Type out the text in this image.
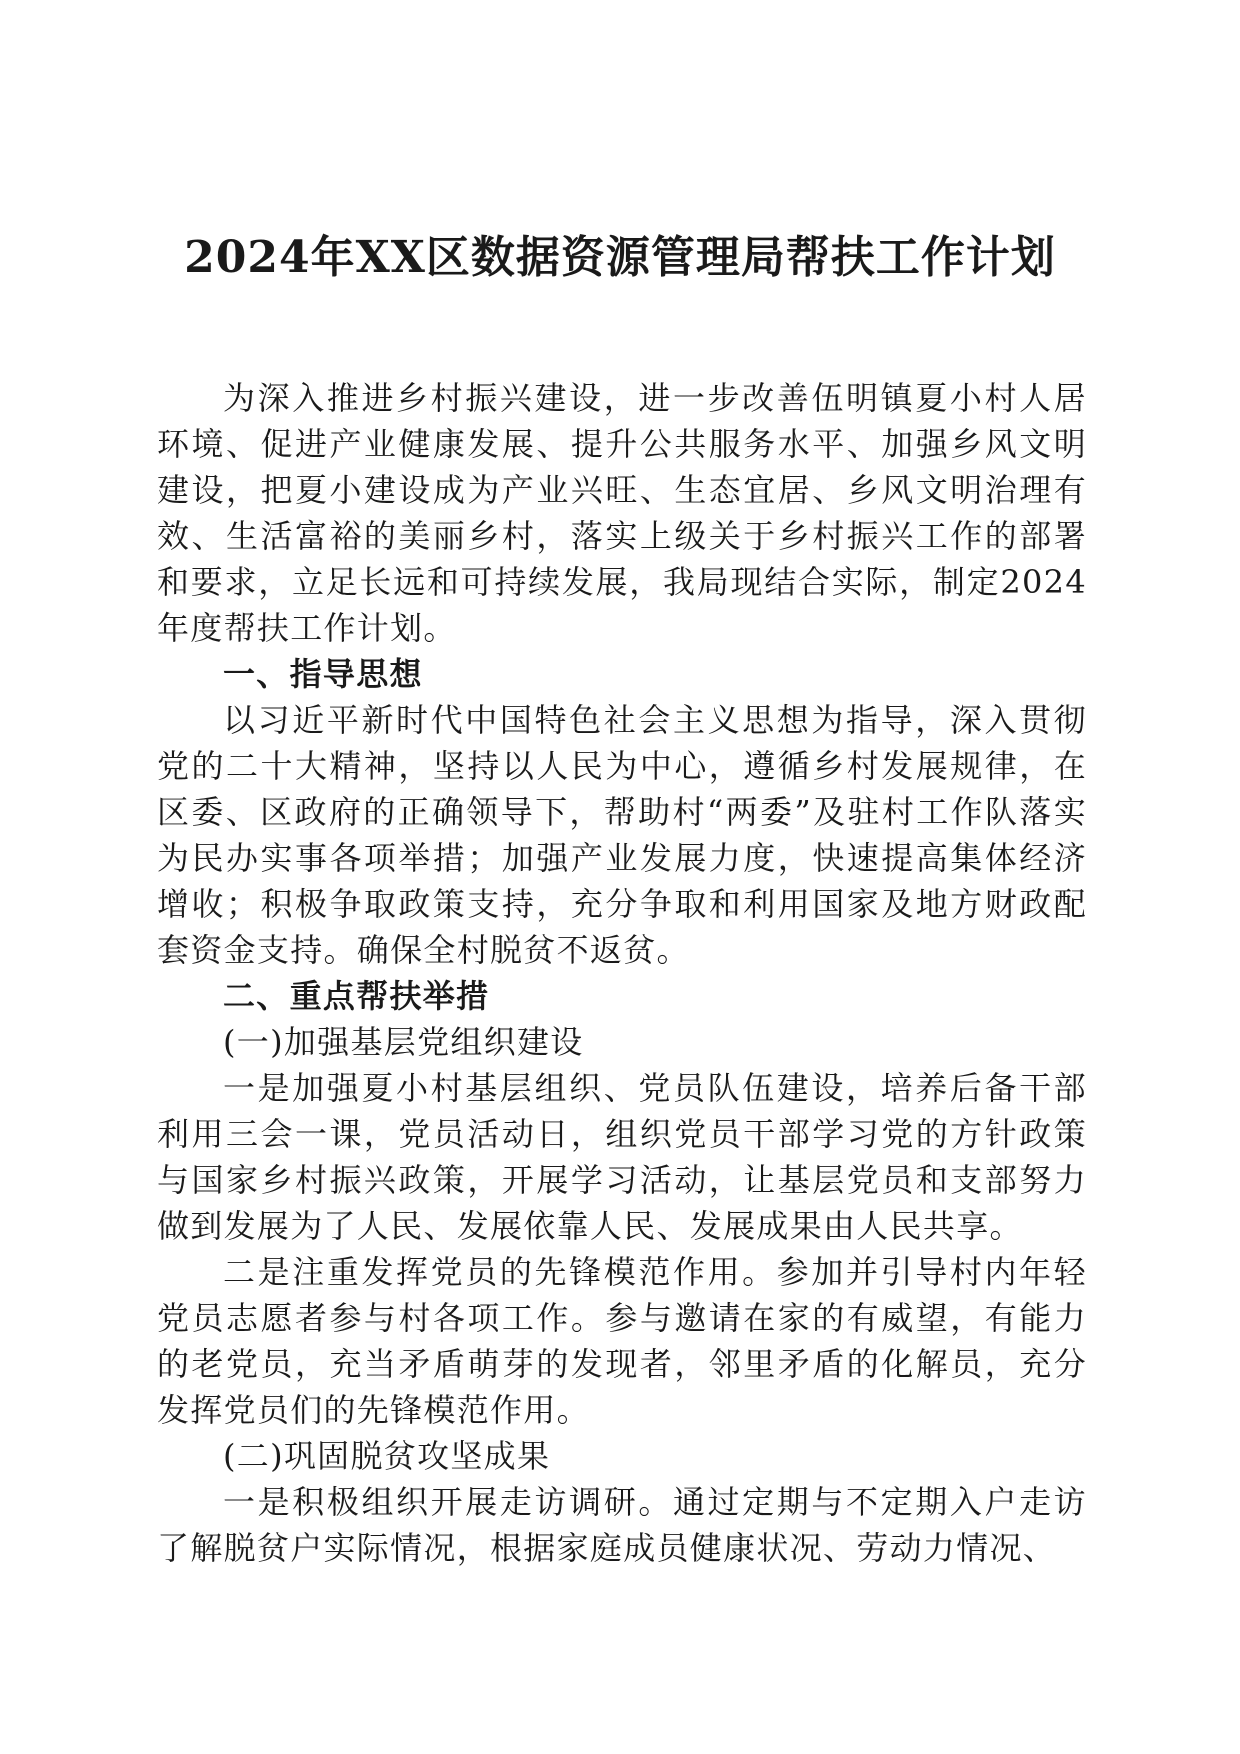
2024年XX区数据资源管理局帮扶工作计划

为深入推进乡村振兴建设，进一步改善伍明镇夏小村人居环境、促进产业健康发展、提升公共服务水平、加强乡风文明建设，把夏小建设成为产业兴旺、生态宜居、乡风文明治理有效、生活富裕的美丽乡村，落实上级关于乡村振兴工作的部署和要求，立足长远和可持续发展，我局现结合实际，制定2024年度帮扶工作计划。

一、指导思想

以习近平新时代中国特色社会主义思想为指导，深入贯彻党的二十大精神，坚持以人民为中心，遵循乡村发展规律，在区委、区政府的正确领导下，帮助村“两委”及驻村工作队落实为民办实事各项举措；加强产业发展力度，快速提高集体经济增收；积极争取政策支持，充分争取和利用国家及地方财政配套资金支持。确保全村脱贫不返贫。

二、重点帮扶举措
(一)加强基层党组织建设

一是加强夏小村基层组织、党员队伍建设，培养后备干部利用三会一课，党员活动日，组织党员干部学习党的方针政策与国家乡村振兴政策，开展学习活动，让基层党员和支部努力做到发展为了人民、发展依靠人民、发展成果由人民共享。

二是注重发挥党员的先锋模范作用。参加并引导村内年轻党员志愿者参与村各项工作。参与邀请在家的有威望，有能力的老党员，充当矛盾萌芽的发现者，邻里矛盾的化解员，充分发挥党员们的先锋模范作用。

(二)巩固脱贫攻坚成果

一是积极组织开展走访调研。通过定期与不定期入户走访了解脱贫户实际情况，根据家庭成员健康状况、劳动力情况、
